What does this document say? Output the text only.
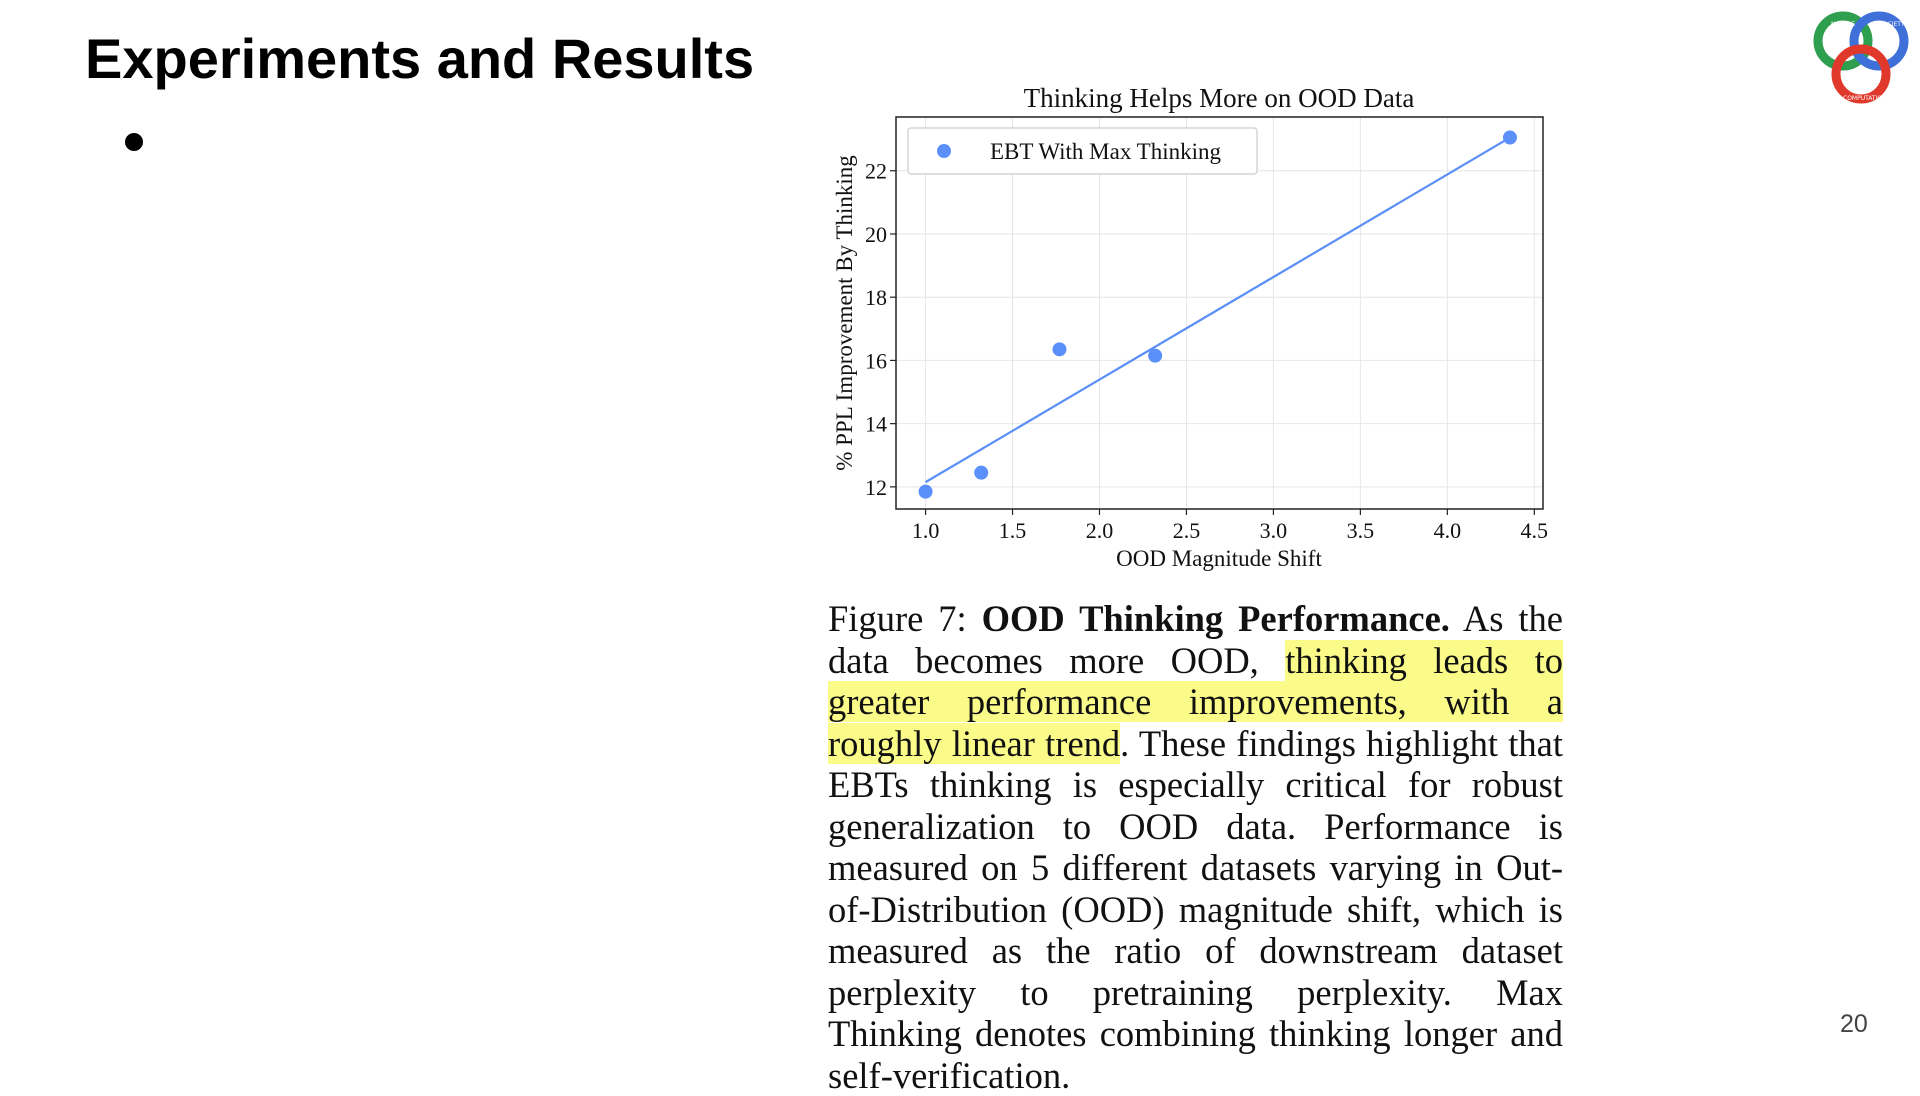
Experiments and Results
NATURE	SOCIETY
COMPUTATION
Thinking Helps More on OOD Data
1.0	1.5	2.0	2.5	3.0	3.5	4.0	4.5
12
14
16
18
20
22
EBT With Max Thinking
OOD Magnitude Shift
% PPL Improvement By Thinking
Figure 7: OOD Thinking Performance. As the data becomes more OOD, thinking leads to greater performance improvements, with a roughly linear trend. These findings highlight that EBTs thinking is especially critical for robust generalization to OOD data. Performance is measured on 5 different datasets varying in Out-of-Distribution (OOD) magnitude shift, which is measured as the ratio of downstream dataset perplexity to pretraining perplexity. Max Thinking denotes combining thinking longer and self-verification.
20
